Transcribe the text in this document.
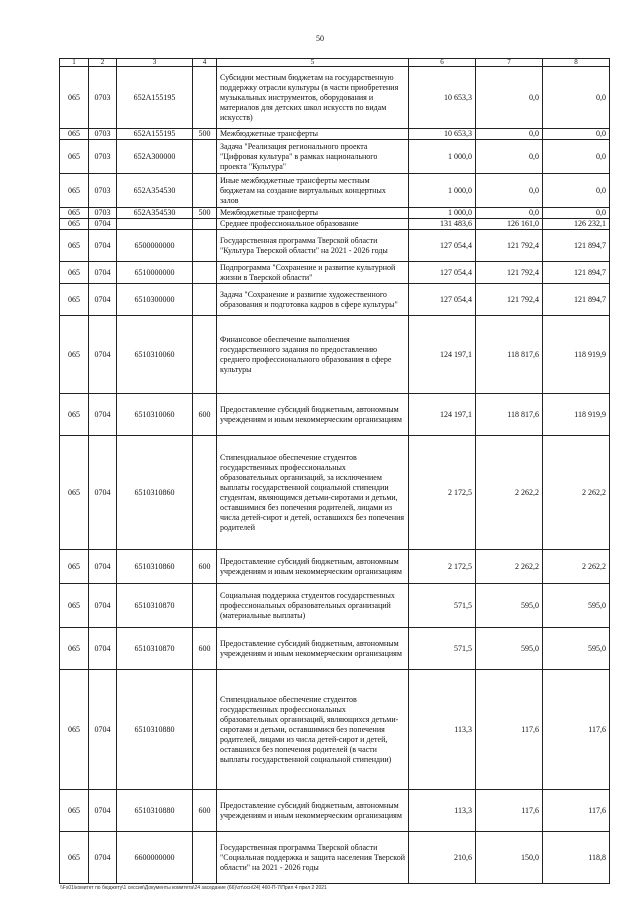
50
1	2	3	4	5	6	7	8
065	0703	652A155195		Субсидии местным бюджетам на государственную поддержку отрасли культуры (в части приобретения музыкальных инструментов, оборудования и материалов для детских школ искусств по видам искусств)	10 653,3	0,0	0,0
065	0703	652A155195	500	Межбюджетные трансферты	10 653,3	0,0	0,0
065	0703	652A300000		Задача "Реализация регионального проекта "Цифровая культура" в рамках национального проекта "Культура"	1 000,0	0,0	0,0
065	0703	652A354530		Иные межбюджетные трансферты местным бюджетам на создание виртуальных концертных залов	1 000,0	0,0	0,0
065	0703	652A354530	500	Межбюджетные трансферты	1 000,0	0,0	0,0
065	0704			Среднее профессиональное образование	131 483,6	126 161,0	126 232,1
065	0704	6500000000		Государственная программа Тверской области "Культура Тверской области" на 2021 - 2026 годы	127 054,4	121 792,4	121 894,7
065	0704	6510000000		Подпрограмма "Сохранение и развитие культурной жизни в Тверской области"	127 054,4	121 792,4	121 894,7
065	0704	6510300000		Задача "Сохранение и развитие художественного образования и подготовка кадров в сфере культуры"	127 054,4	121 792,4	121 894,7
065	0704	6510310060		Финансовое обеспечение выполнения государственного задания по предоставлению среднего профессионального образования в сфере культуры	124 197,1	118 817,6	118 919,9
065	0704	6510310060	600	Предоставление субсидий бюджетным, автономным учреждениям и иным некоммерческим организациям	124 197,1	118 817,6	118 919,9
065	0704	6510310860		Стипендиальное обеспечение студентов государственных профессиональных образовательных организаций, за исключением выплаты государственной социальной стипендии студентам, являющимся детьми-сиротами и детьми, оставшимися без попечения родителей, лицами из числа детей-сирот и детей, оставшихся без попечения родителей	2 172,5	2 262,2	2 262,2
065	0704	6510310860	600	Предоставление субсидий бюджетным, автономным учреждениям и иным некоммерческим организациям	2 172,5	2 262,2	2 262,2
065	0704	6510310870		Социальная поддержка студентов государственных профессиональных образовательных организаций (материальные выплаты)	571,5	595,0	595,0
065	0704	6510310870	600	Предоставление субсидий бюджетным, автономным учреждениям и иным некоммерческим организациям	571,5	595,0	595,0
065	0704	6510310880		Стипендиальное обеспечение студентов государственных профессиональных образовательных организаций, являющихся детьми-сиротами и детьми, оставшимися без попечения родителей, лицами из числа детей-сирот и детей, оставшихся без попечения родителей (в части выплаты государственной социальной стипендии)	113,3	117,6	117,6
065	0704	6510310880	600	Предоставление субсидий бюджетным, автономным учреждениям и иным некоммерческим организациям	113,3	117,6	117,6
065	0704	6600000000		Государственная программа Тверской области "Социальная поддержка и защита населения Тверской области" на 2021 - 2026 годы	210,6	150,0	118,8
\\Fs01\комитет по бюджету\1 сессия\Документы комитета\24 заседание (66)\от\осн\24) 460-П-7\Прил 4 прил 2 2021
